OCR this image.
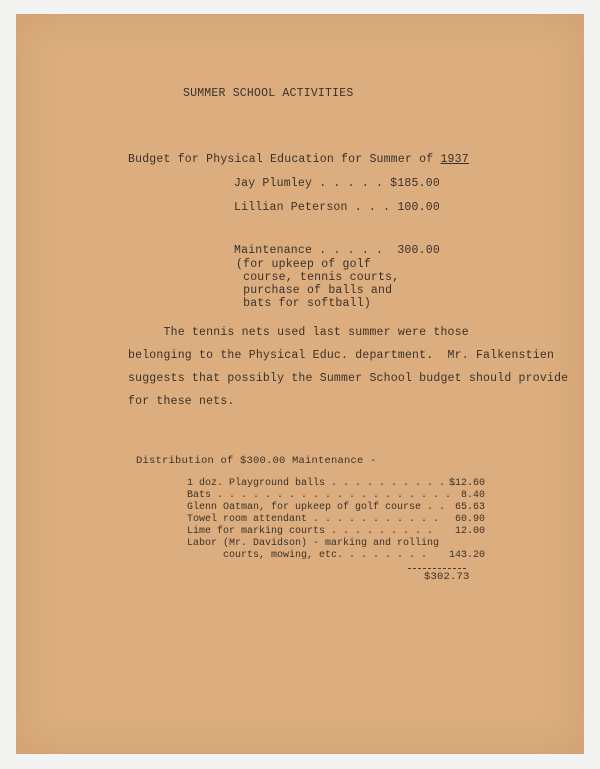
SUMMER SCHOOL ACTIVITIES
Budget for Physical Education for Summer of 1937
Jay Plumley . . . . . $185.00
Lillian Peterson . . . 100.00
Maintenance . . . . .  300.00
(for upkeep of golf
course, tennis courts,
purchase of balls and
bats for softball)
The tennis nets used last summer were those
belonging to the Physical Educ. department.  Mr. Falkenstien
suggests that possibly the Summer School budget should provide
for these nets.
Distribution of $300.00 Maintenance -
1 doz. Playground balls . . . . . . . . . . .
$12.60
Bats . . . . . . . . . . . . . . . . . . . . 8.40
Glenn Oatman, for upkeep of golf course . . 65.63
Towel room attendant . . . . . . . . . . . 60.90
Lime for marking courts . . . . . . . . . 12.00
Labor (Mr. Davidson) - marking and rolling
courts, mowing, etc. . . . . . . . 143.20
$302.73
